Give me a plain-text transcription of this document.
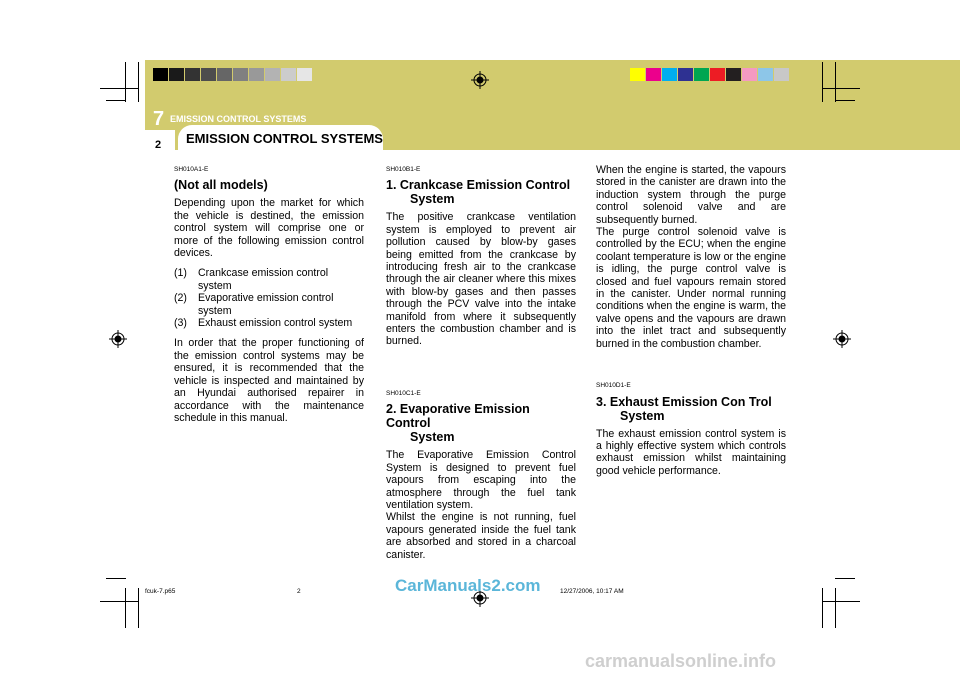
7 EMISSION CONTROL SYSTEMS
2 EMISSION CONTROL SYSTEMS
SH010A1-E
(Not all models)

Depending upon the market for which the vehicle is destined, the emission control system will comprise one or more of the following emission control devices.

(1) Crankcase emission control system
(2) Evaporative emission control system
(3) Exhaust emission control system

In order that the proper functioning of the emission control systems may be ensured, it is recommended that the vehicle is inspected and maintained by an Hyundai authorised repairer in accordance with the maintenance schedule in this manual.

SH010B1-E
1. Crankcase Emission Control
System

The positive crankcase ventilation system is employed to prevent air pollution caused by blow-by gases being emitted from the crankcase by introducing fresh air to the crankcase through the air cleaner where this mixes with blow-by gases and then passes through the PCV valve into the intake manifold from where it subsequently enters the combustion chamber and is burned.

SH010C1-E
2. Evaporative Emission Control
System

The Evaporative Emission Control System is designed to prevent fuel vapours from escaping into the atmosphere through the fuel tank ventilation system.

Whilst the engine is not running, fuel vapours generated inside the fuel tank are absorbed and stored in a charcoal canister.

When the engine is started, the vapours stored in the canister are drawn into the induction system through the purge control solenoid valve and are subsequently burned.

The purge control solenoid valve is controlled by the ECU; when the engine coolant temperature is low or the engine is idling, the purge control valve is closed and fuel vapours remain stored in the canister. Under normal running conditions when the engine is warm, the valve opens and the vapours are drawn into the inlet tract and subsequently burned in the combustion chamber.

SH010D1-E
3. Exhaust Emission Con Trol
System

The exhaust emission control system is a highly effective system which controls exhaust emission whilst maintaining good vehicle performance.

fcuk-7.p65	2	12/27/2006, 10:17 AM
CarManuals2.com
carmanualsonline.info
